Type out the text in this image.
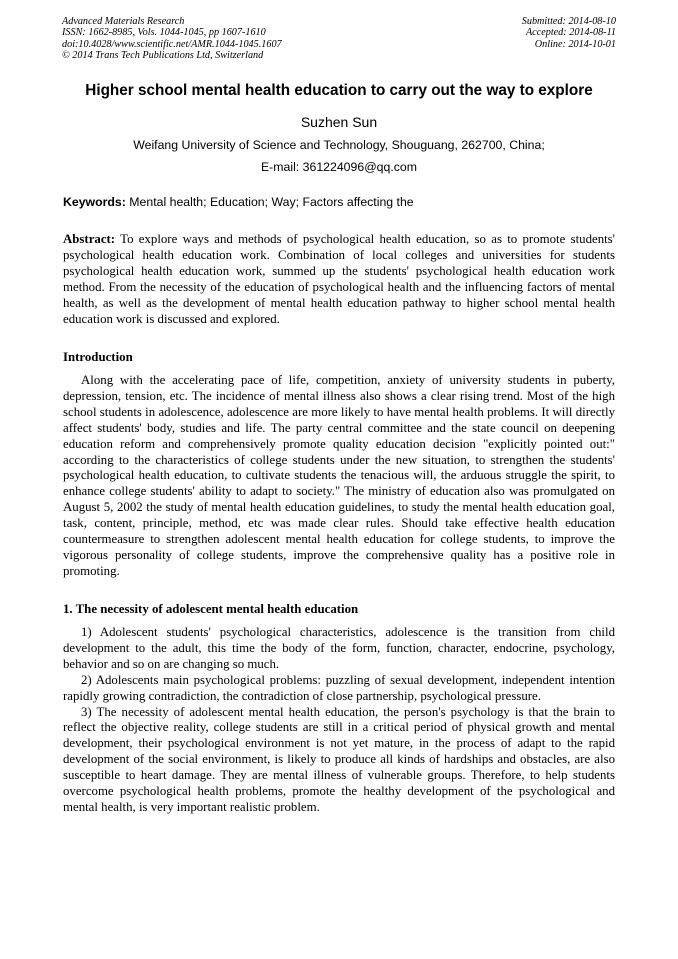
Advanced Materials Research
ISSN: 1662-8985, Vols. 1044-1045, pp 1607-1610
doi:10.4028/www.scientific.net/AMR.1044-1045.1607
© 2014 Trans Tech Publications Ltd, Switzerland
Submitted: 2014-08-10
Accepted: 2014-08-11
Online: 2014-10-01
Higher school mental health education to carry out the way to explore
Suzhen Sun
Weifang University of Science and Technology, Shouguang, 262700, China;
E-mail: 361224096@qq.com
Keywords: Mental health; Education; Way; Factors affecting the
Abstract: To explore ways and methods of psychological health education, so as to promote students' psychological health education work. Combination of local colleges and universities for students psychological health education work, summed up the students' psychological health education work method. From the necessity of the education of psychological health and the influencing factors of mental health, as well as the development of mental health education pathway to higher school mental health education work is discussed and explored.
Introduction
Along with the accelerating pace of life, competition, anxiety of university students in puberty, depression, tension, etc. The incidence of mental illness also shows a clear rising trend. Most of the high school students in adolescence, adolescence are more likely to have mental health problems. It will directly affect students' body, studies and life. The party central committee and the state council on deepening education reform and comprehensively promote quality education decision "explicitly pointed out:" according to the characteristics of college students under the new situation, to strengthen the students' psychological health education, to cultivate students the tenacious will, the arduous struggle the spirit, to enhance college students' ability to adapt to society." The ministry of education also was promulgated on August 5, 2002 the study of mental health education guidelines, to study the mental health education goal, task, content, principle, method, etc was made clear rules. Should take effective health education countermeasure to strengthen adolescent mental health education for college students, to improve the vigorous personality of college students, improve the comprehensive quality has a positive role in promoting.
1. The necessity of adolescent mental health education

1) Adolescent students' psychological characteristics, adolescence is the transition from child development to the adult, this time the body of the form, function, character, endocrine, psychology, behavior and so on are changing so much.

2) Adolescents main psychological problems: puzzling of sexual development, independent intention rapidly growing contradiction, the contradiction of close partnership, psychological pressure.

3) The necessity of adolescent mental health education, the person's psychology is that the brain to reflect the objective reality, college students are still in a critical period of physical growth and mental development, their psychological environment is not yet mature, in the process of adapt to the rapid development of the social environment, is likely to produce all kinds of hardships and obstacles, are also susceptible to heart damage. They are mental illness of vulnerable groups. Therefore, to help students overcome psychological health problems, promote the healthy development of the psychological and mental health, is very important realistic problem.
